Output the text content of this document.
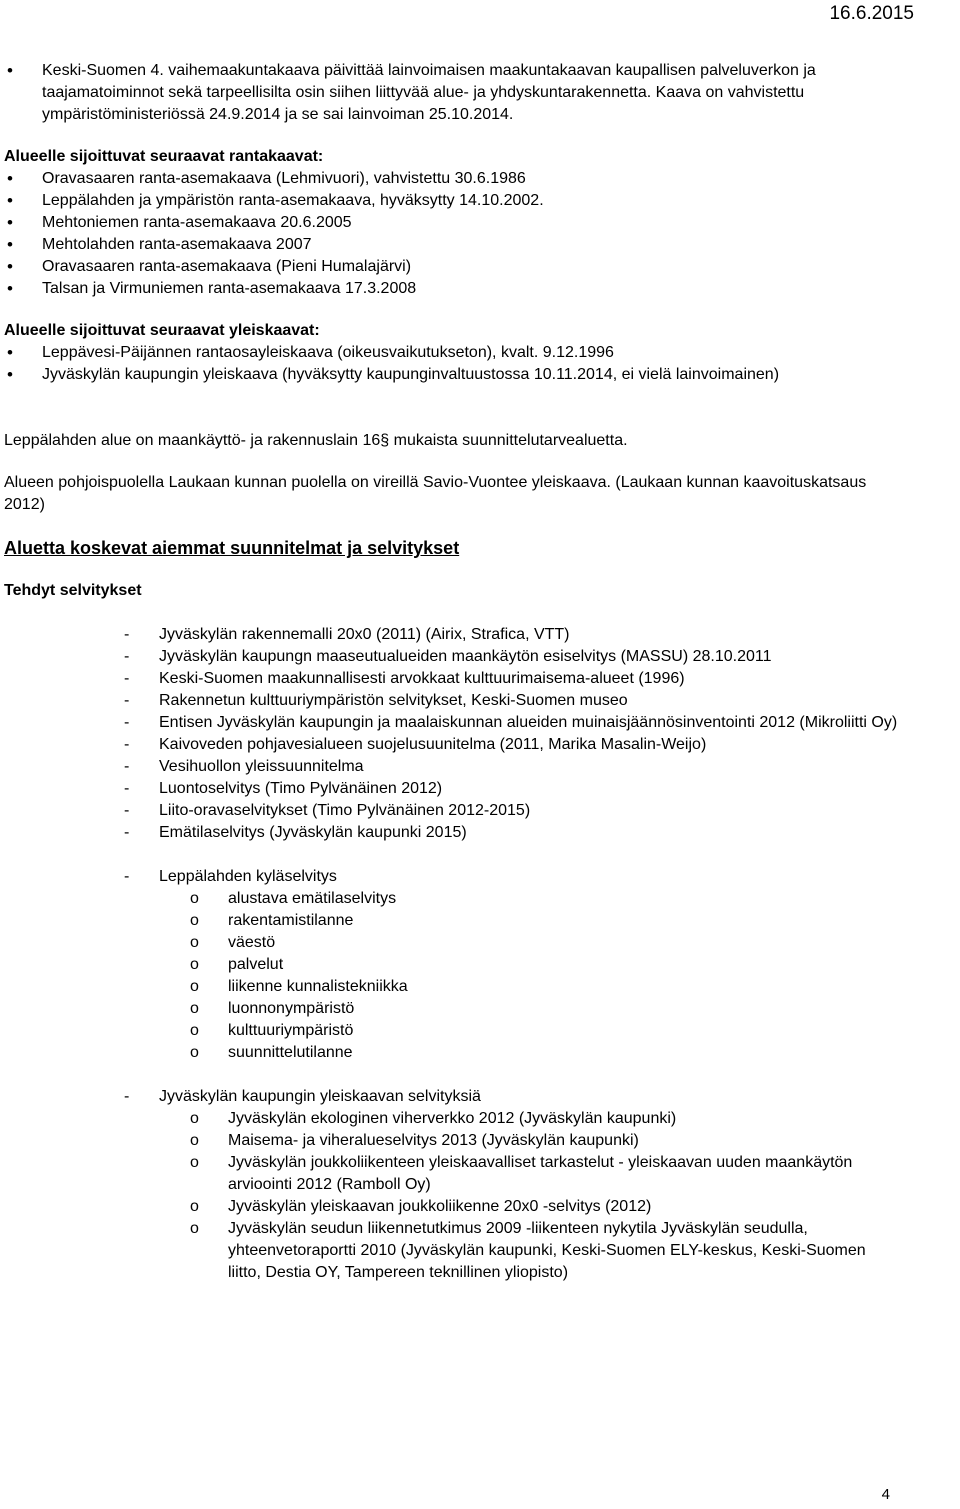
16.6.2015
• Keski-Suomen 4. vaihemaakuntakaava päivittää lainvoimaisen maakuntakaavan kaupallisen palveluverkon ja taajamatoiminnot sekä tarpeellisilta osin siihen liittyvää alue- ja yhdyskuntarakennetta. Kaava on vahvistettu ympäristöministeriössä 24.9.2014 ja se sai lainvoiman 25.10.2014.

Alueelle sijoittuvat seuraavat rantakaavat:

• Oravasaaren ranta-asemakaava (Lehmivuori), vahvistettu 30.6.1986
• Leppälahden ja ympäristön ranta-asemakaava, hyväksytty 14.10.2002.
• Mehtoniemen ranta-asemakaava 20.6.2005
• Mehtolahden ranta-asemakaava 2007
• Oravasaaren ranta-asemakaava (Pieni Humalajärvi)
• Talsan ja Virmuniemen ranta-asemakaava 17.3.2008

Alueelle sijoittuvat seuraavat yleiskaavat:

• Leppävesi-Päijännen rantaosayleiskaava (oikeusvaikutukseton), kvalt. 9.12.1996
• Jyväskylän kaupungin yleiskaava (hyväksytty kaupunginvaltuustossa 10.11.2014, ei vielä lainvoimainen)

Leppälahden alue on maankäyttö- ja rakennuslain 16§ mukaista suunnittelutarvealuetta.

Alueen pohjoispuolella Laukaan kunnan puolella on vireillä Savio-Vuontee yleiskaava. (Laukaan kunnan kaavoituskatsaus 2012)

Aluetta koskevat aiemmat suunnitelmat ja selvitykset

Tehdyt selvitykset

- Jyväskylän rakennemalli 20x0 (2011) (Airix, Strafica, VTT)
- Jyväskylän kaupungn maaseutualueiden maankäytön esiselvitys (MASSU) 28.10.2011
- Keski-Suomen maakunnallisesti arvokkaat kulttuurimaisema-alueet (1996)
- Rakennetun kulttuuriympäristön selvitykset, Keski-Suomen museo
- Entisen Jyväskylän kaupungin ja maalaiskunnan alueiden muinaisjäännösinventointi 2012 (Mikroliitti Oy)
- Kaivoveden pohjavesialueen suojelusuunitelma (2011, Marika Masalin-Weijo)
- Vesihuollon yleissuunnitelma
- Luontoselvitys (Timo Pylvänäinen 2012)
- Liito-oravaselvitykset (Timo Pylvänäinen 2012-2015)
- Emätilaselvitys (Jyväskylän kaupunki 2015)
- Leppälahden kyläselvitys
o alustava emätilaselvitys
o rakentamistilanne
o väestö
o palvelut
o liikenne kunnalistekniikka
o luonnonympäristö
o kulttuuriympäristö
o suunnittelutilanne
- Jyväskylän kaupungin yleiskaavan selvityksiä
o Jyväskylän ekologinen viherverkko 2012 (Jyväskylän kaupunki)
o Maisema- ja viheralueselvitys 2013 (Jyväskylän kaupunki)
o Jyväskylän joukkoliikenteen yleiskaavalliset tarkastelut - yleiskaavan uuden maankäytön arvioointi 2012 (Ramboll Oy)
o Jyväskylän yleiskaavan joukkoliikenne 20x0 -selvitys (2012)
o Jyväskylän seudun liikennetutkimus 2009 -liikenteen nykytila Jyväskylän seudulla, yhteenvetoraportti 2010 (Jyväskylän kaupunki, Keski-Suomen ELY-keskus, Keski-Suomen liitto, Destia OY, Tampereen teknillinen yliopisto)
4
